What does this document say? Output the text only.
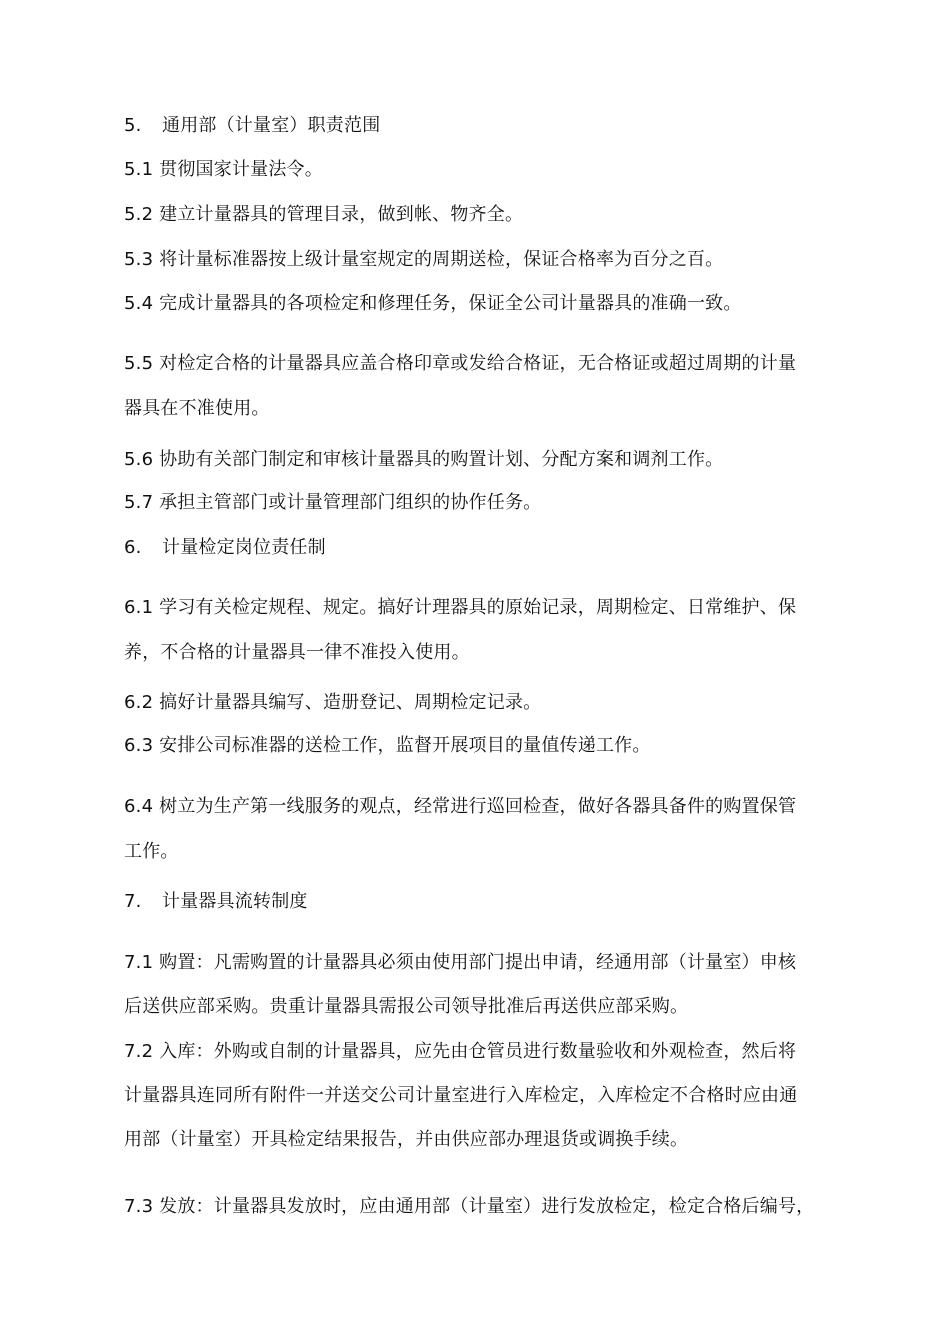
5. 通用部（计量室）职责范围
5.1 贯彻国家计量法令。
5.2 建立计量器具的管理目录，做到帐、物齐全。
5.3 将计量标准器按上级计量室规定的周期送检，保证合格率为百分之百。
5.4 完成计量器具的各项检定和修理任务，保证全公司计量器具的准确一致。
5.5 对检定合格的计量器具应盖合格印章或发给合格证，无合格证或超过周期的计量
器具在不准使用。
5.6 协助有关部门制定和审核计量器具的购置计划、分配方案和调剂工作。
5.7 承担主管部门或计量管理部门组织的协作任务。
6. 计量检定岗位责任制
6.1 学习有关检定规程、规定。搞好计理器具的原始记录，周期检定、日常维护、保
养，不合格的计量器具一律不准投入使用。
6.2 搞好计量器具编写、造册登记、周期检定记录。
6.3 安排公司标准器的送检工作，监督开展项目的量值传递工作。
6.4 树立为生产第一线服务的观点，经常进行巡回检查，做好各器具备件的购置保管
工作。
7. 计量器具流转制度
7.1 购置：凡需购置的计量器具必须由使用部门提出申请，经通用部（计量室）申核
后送供应部采购。贵重计量器具需报公司领导批准后再送供应部采购。
7.2 入库：外购或自制的计量器具，应先由仓管员进行数量验收和外观检查，然后将
计量器具连同所有附件一并送交公司计量室进行入库检定，入库检定不合格时应由通
用部（计量室）开具检定结果报告，并由供应部办理退货或调换手续。
7.3 发放：计量器具发放时，应由通用部（计量室）进行发放检定，检定合格后编号，
